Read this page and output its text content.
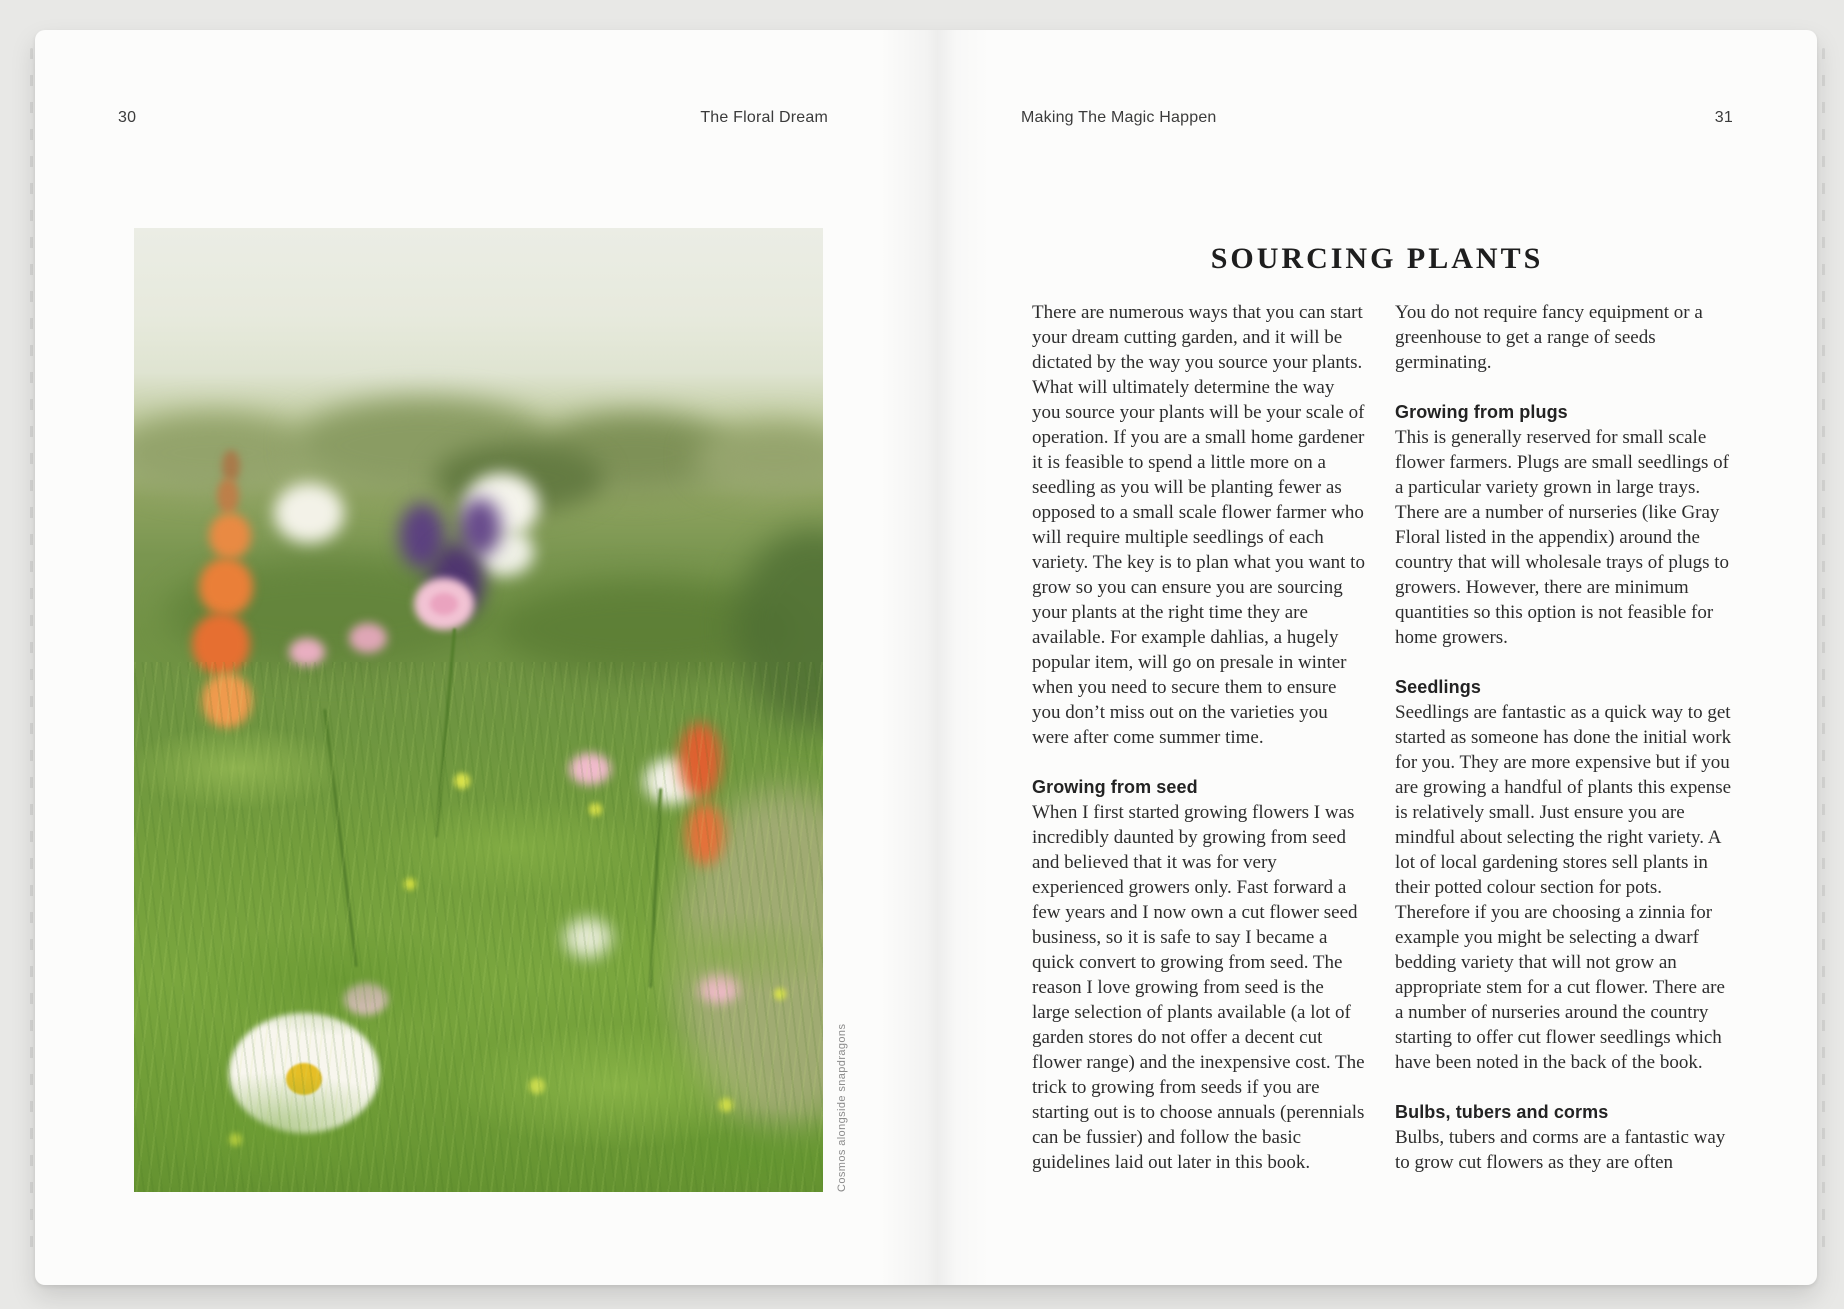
30	The Floral Dream
Cosmos alongside snapdragons
Making The Magic Happen	31
SOURCING PLANTS

There are numerous ways that you can start your dream cutting garden, and it will be dictated by the way you source your plants. What will ultimately determine the way you source your plants will be your scale of operation. If you are a small home gardener it is feasible to spend a little more on a seedling as you will be planting fewer as opposed to a small scale flower farmer who will require multiple seedlings of each variety. The key is to plan what you want to grow so you can ensure you are sourcing your plants at the right time they are available. For example dahlias, a hugely popular item, will go on presale in winter when you need to secure them to ensure you don’t miss out on the varieties you were after come summer time.

Growing from seed

When I first started growing flowers I was incredibly daunted by growing from seed and believed that it was for very experienced growers only. Fast forward a few years and I now own a cut flower seed business, so it is safe to say I became a quick convert to growing from seed. The reason I love growing from seed is the large selection of plants available (a lot of garden stores do not offer a decent cut flower range) and the inexpensive cost. The trick to growing from seeds if you are starting out is to choose annuals (perennials can be fussier) and follow the basic guidelines laid out later in this book.

You do not require fancy equipment or a greenhouse to get a range of seeds germinating.

Growing from plugs

This is generally reserved for small scale flower farmers. Plugs are small seedlings of a particular variety grown in large trays. There are a number of nurseries (like Gray Floral listed in the appendix) around the country that will wholesale trays of plugs to growers. However, there are minimum quantities so this option is not feasible for home growers.

Seedlings

Seedlings are fantastic as a quick way to get started as someone has done the initial work for you. They are more expensive but if you are growing a handful of plants this expense is relatively small. Just ensure you are mindful about selecting the right variety. A lot of local gardening stores sell plants in their potted colour section for pots. Therefore if you are choosing a zinnia for example you might be selecting a dwarf bedding variety that will not grow an appropriate stem for a cut flower. There are a number of nurseries around the country starting to offer cut flower seedlings which have been noted in the back of the book.

Bulbs, tubers and corms

Bulbs, tubers and corms are a fantastic way to grow cut flowers as they are often
